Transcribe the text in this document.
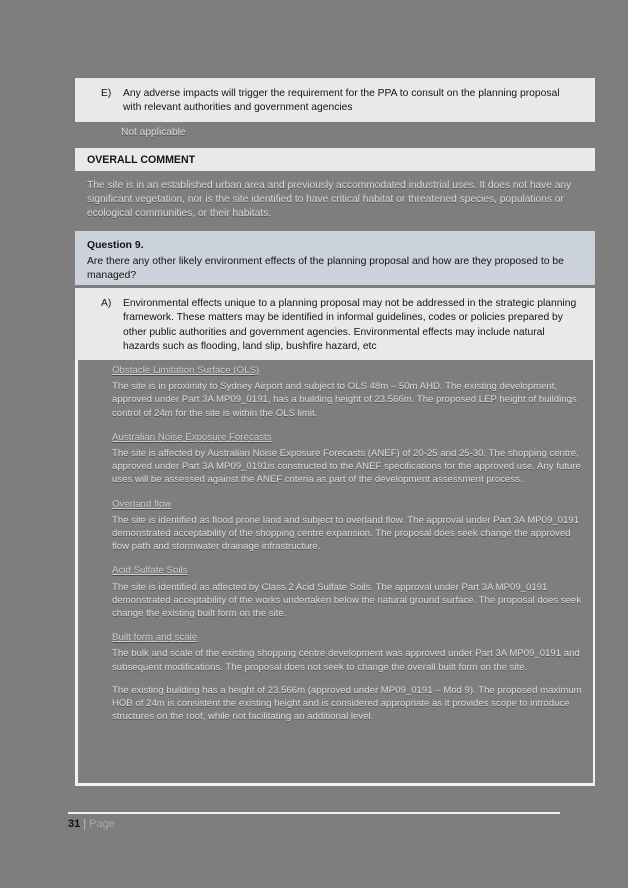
E)	Any adverse impacts will trigger the requirement for the PPA to consult on the planning proposal with relevant authorities and government agencies
Not applicable
OVERALL COMMENT
The site is in an established urban area and previously accommodated industrial uses. It does not have any significant vegetation, nor is the site identified to have critical habitat or threatened species, populations or ecological communities, or their habitats.
Question 9.
Are there any other likely environment effects of the planning proposal and how are they proposed to be managed?
A)	Environmental effects unique to a planning proposal may not be addressed in the strategic planning framework. These matters may be identified in informal guidelines, codes or policies prepared by other public authorities and government agencies. Environmental effects may include natural hazards such as flooding, land slip, bushfire hazard, etc
Obstacle Limitation Surface (OLS)

The site is in proximity to Sydney Airport and subject to OLS 48m – 50m AHD. The existing development, approved under Part 3A MP09_0191, has a building height of 23.566m. The proposed LEP height of buildings control of 24m for the site is within the OLS limit.

Australian Noise Exposure Forecasts

The site is affected by Australian Noise Exposure Forecasts (ANEF) of 20-25 and 25-30. The shopping centre, approved under Part 3A MP09_0191is constructed to the ANEF specifications for the approved use. Any future uses will be assessed against the ANEF criteria as part of the development assessment process.

Overland flow

The site is identified as flood prone land and subject to overland flow. The approval under Part 3A MP09_0191 demonstrated acceptability of the shopping centre expansion. The proposal does seek change the approved flow path and stormwater drainage infrastructure.

Acid Sulfate Soils

The site is identified as affected by Class 2 Acid Sulfate Soils. The approval under Part 3A MP09_0191 demonstrated acceptability of the works undertaken below the natural ground surface. The proposal does seek change the existing built form on the site.

Built form and scale

The bulk and scale of the existing shopping centre development was approved under Part 3A MP09_0191 and subsequent modifications. The proposal does not seek to change the overall built form on the site.

The existing building has a height of 23.566m (approved under MP09_0191 – Mod 9). The proposed maximum HOB of 24m is consistent the existing height and is considered appropriate as it provides scope to introduce structures on the roof, while not facilitating an additional level.

31 | Page
